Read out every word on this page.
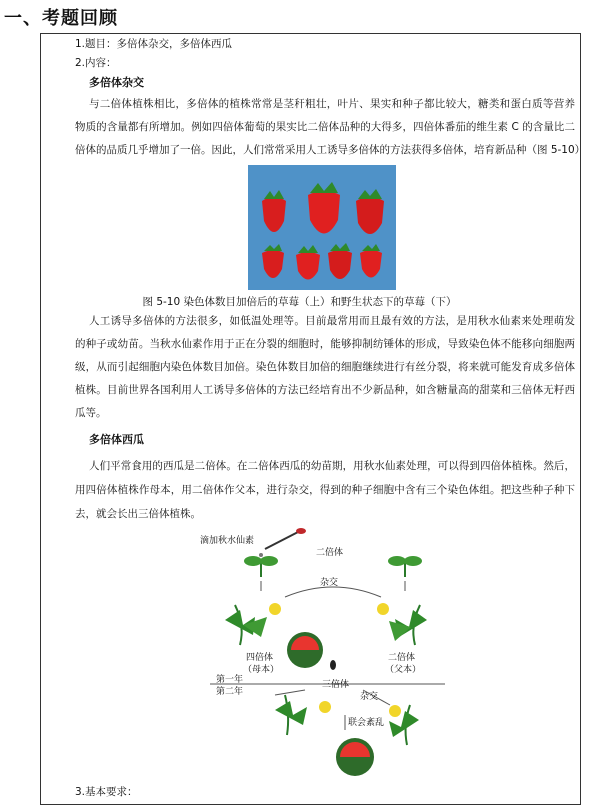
一、考题回顾
1.题目：多倍体杂交，多倍体西瓜
2.内容：
多倍体杂交
与二倍体植株相比，多倍体的植株常常是茎秆粗壮，叶片、果实和种子都比较大，糖类和蛋白质等营养
物质的含量都有所增加。例如四倍体葡萄的果实比二倍体品种的大得多，四倍体番茄的维生素 C 的含量比二
倍体的品质几乎增加了一倍。因此，人们常常采用人工诱导多倍体的方法获得多倍体，培育新品种（图 5-10）
图 5-10 染色体数目加倍后的草莓（上）和野生状态下的草莓（下）
人工诱导多倍体的方法很多，如低温处理等。目前最常用而且最有效的方法，是用秋水仙素来处理萌发
的种子或幼苗。当秋水仙素作用于正在分裂的细胞时，能够抑制纺锤体的形成，导致染色体不能移向细胞两
级，从而引起细胞内染色体数目加倍。染色体数目加倍的细胞继续进行有丝分裂，将来就可能发育成多倍体
植株。目前世界各国利用人工诱导多倍体的方法已经培育出不少新品种，如含糖量高的甜菜和三倍体无籽西
瓜等。
多倍体西瓜
人们平常食用的西瓜是二倍体。在二倍体西瓜的幼苗期，用秋水仙素处理，可以得到四倍体植株。然后，
用四倍体植株作母本，用二倍体作父本，进行杂交，得到的种子细胞中含有三个染色体组。把这些种子种下
去，就会长出三倍体植株。
滴加秋水仙素
二倍体
杂交
四倍体
（母本）
二倍体
（父本）
第一年
第二年
三倍体
杂交
联会紊乱
3.基本要求：
